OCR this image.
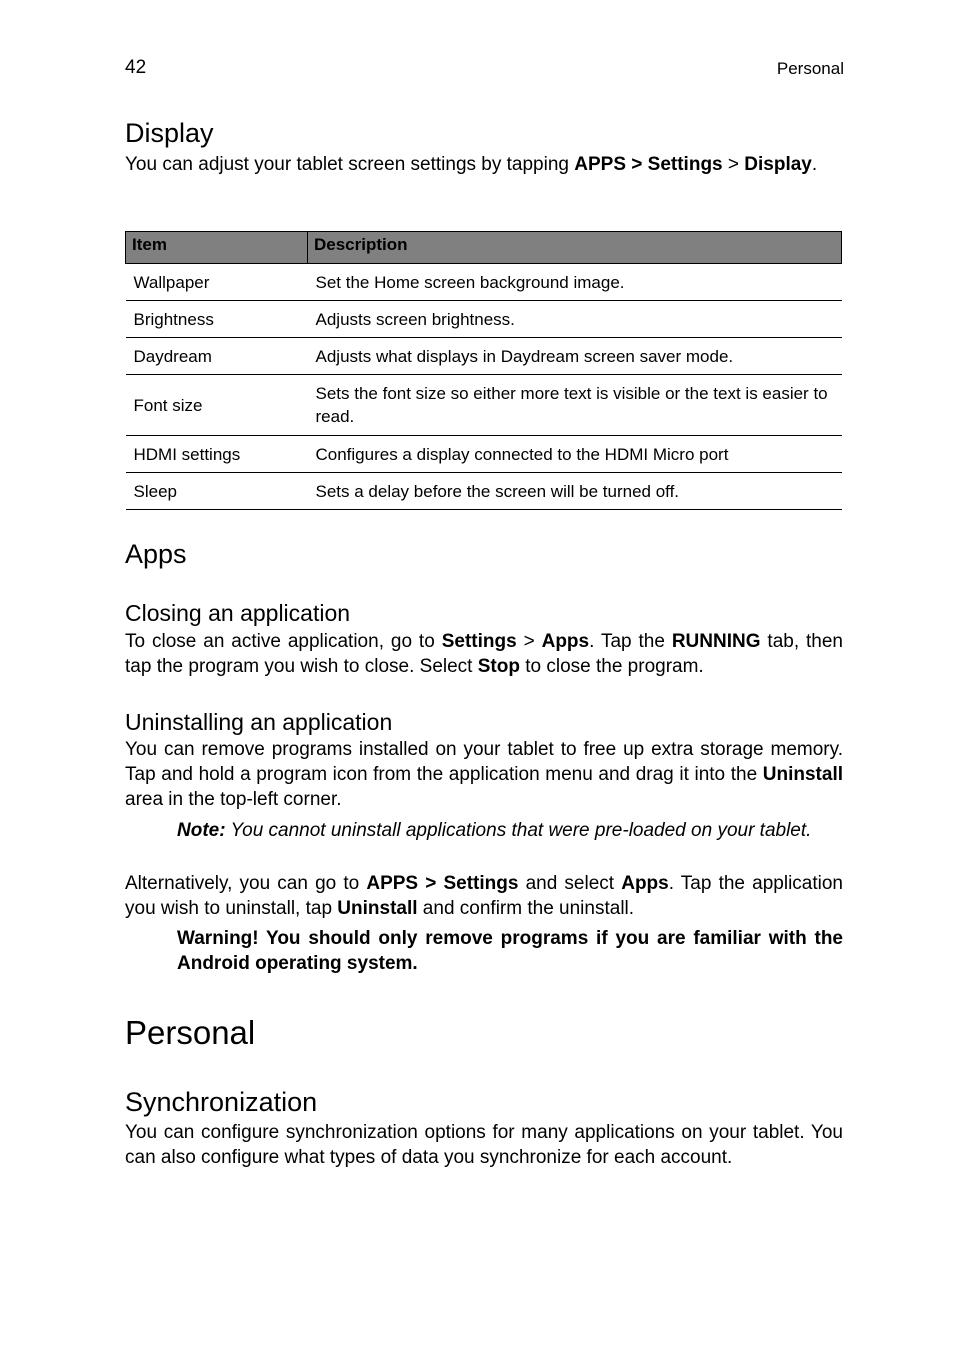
42	Personal
Display
You can adjust your tablet screen settings by tapping APPS > Settings > Display.
Item	Description
Wallpaper	Set the Home screen background image.
Brightness	Adjusts screen brightness.
Daydream	Adjusts what displays in Daydream screen saver mode.
Font size	Sets the font size so either more text is visible or the text is easier to read.
HDMI settings	Configures a display connected to the HDMI Micro port
Sleep	Sets a delay before the screen will be turned off.
Apps
Closing an application
To close an active application, go to Settings > Apps. Tap the RUNNING tab, then tap the program you wish to close. Select Stop to close the program.
Uninstalling an application
You can remove programs installed on your tablet to free up extra storage memory. Tap and hold a program icon from the application menu and drag it into the Uninstall area in the top-left corner.
Note: You cannot uninstall applications that were pre-loaded on your tablet.
Alternatively, you can go to APPS > Settings and select Apps. Tap the application you wish to uninstall, tap Uninstall and confirm the uninstall.
Warning! You should only remove programs if you are familiar with the Android operating system.
Personal
Synchronization
You can configure synchronization options for many applications on your tablet. You can also configure what types of data you synchronize for each account.
